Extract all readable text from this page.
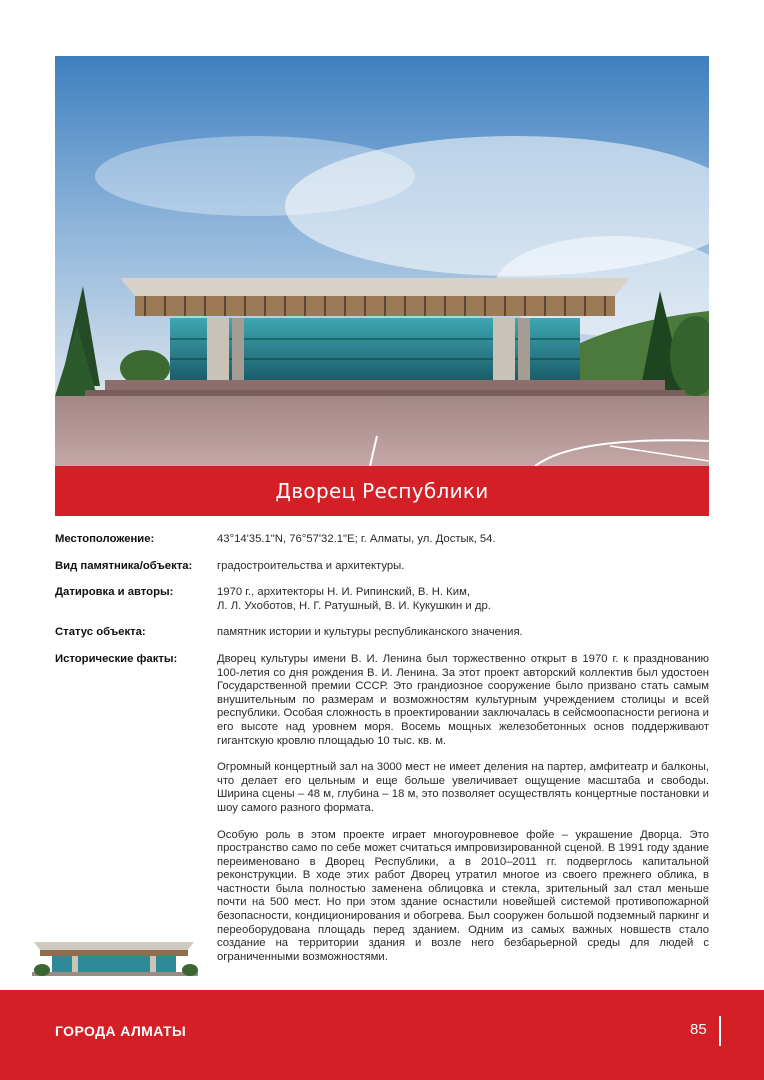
Дворец Республики
Местоположение:	43°14'35.1"N, 76°57'32.1"E; г. Алматы, ул. Достык, 54.
Вид памятника/объекта:	градостроительства и архитектуры.
Датировка и авторы:	1970 г., архитекторы Н. И. Рипинский, В. Н. Ким,
Л. Л. Ухоботов, Н. Г. Ратушный, В. И. Кукушкин и др.
Статус объекта:	памятник истории и культуры республиканского значения.
Исторические факты:	Дворец культуры имени В. И. Ленина был торжественно открыт в 1970 г. к празднованию 100-летия со дня рождения В. И. Ленина. За этот проект авторский коллектив был удостоен Государственной премии СССР. Это грандиозное сооружение было призвано стать самым внушительным по размерам и возможностям культурным учреждением столицы и всей республики. Особая сложность в проектировании заключалась в сейсмоопасности региона и его высоте над уровнем моря. Восемь мощных железобетонных основ поддерживают гигантскую кровлю площадью 10 тыс. кв. м.

Огромный концертный зал на 3000 мест не имеет деления на партер, амфитеатр и балконы, что делает его цельным и еще больше увеличивает ощущение масштаба и свободы. Ширина сцены – 48 м, глубина – 18 м, это позволяет осуществлять концертные постановки и шоу самого разного формата.

Особую роль в этом проекте играет многоуровневое фойе – украшение Дворца. Это пространство само по себе может считаться импровизированной сценой. В 1991 году здание переименовано в Дворец Республики, а в 2010–2011 гг. подверглось капитальной реконструкции. В ходе этих работ Дворец утратил многое из своего прежнего облика, в частности была полностью заменена облицовка и стекла, зрительный зал стал меньше почти на 500 мест. Но при этом здание оснастили новейшей системой противопожарной безопасности, кондиционирования и обогрева. Был сооружен большой подземный паркинг и переоборудована площадь перед зданием. Одним из самых важных новшеств стало создание на территории здания и возле него безбарьерной среды для людей с ограниченными возможностями.

ГОРОДА АЛМАТЫ	85
